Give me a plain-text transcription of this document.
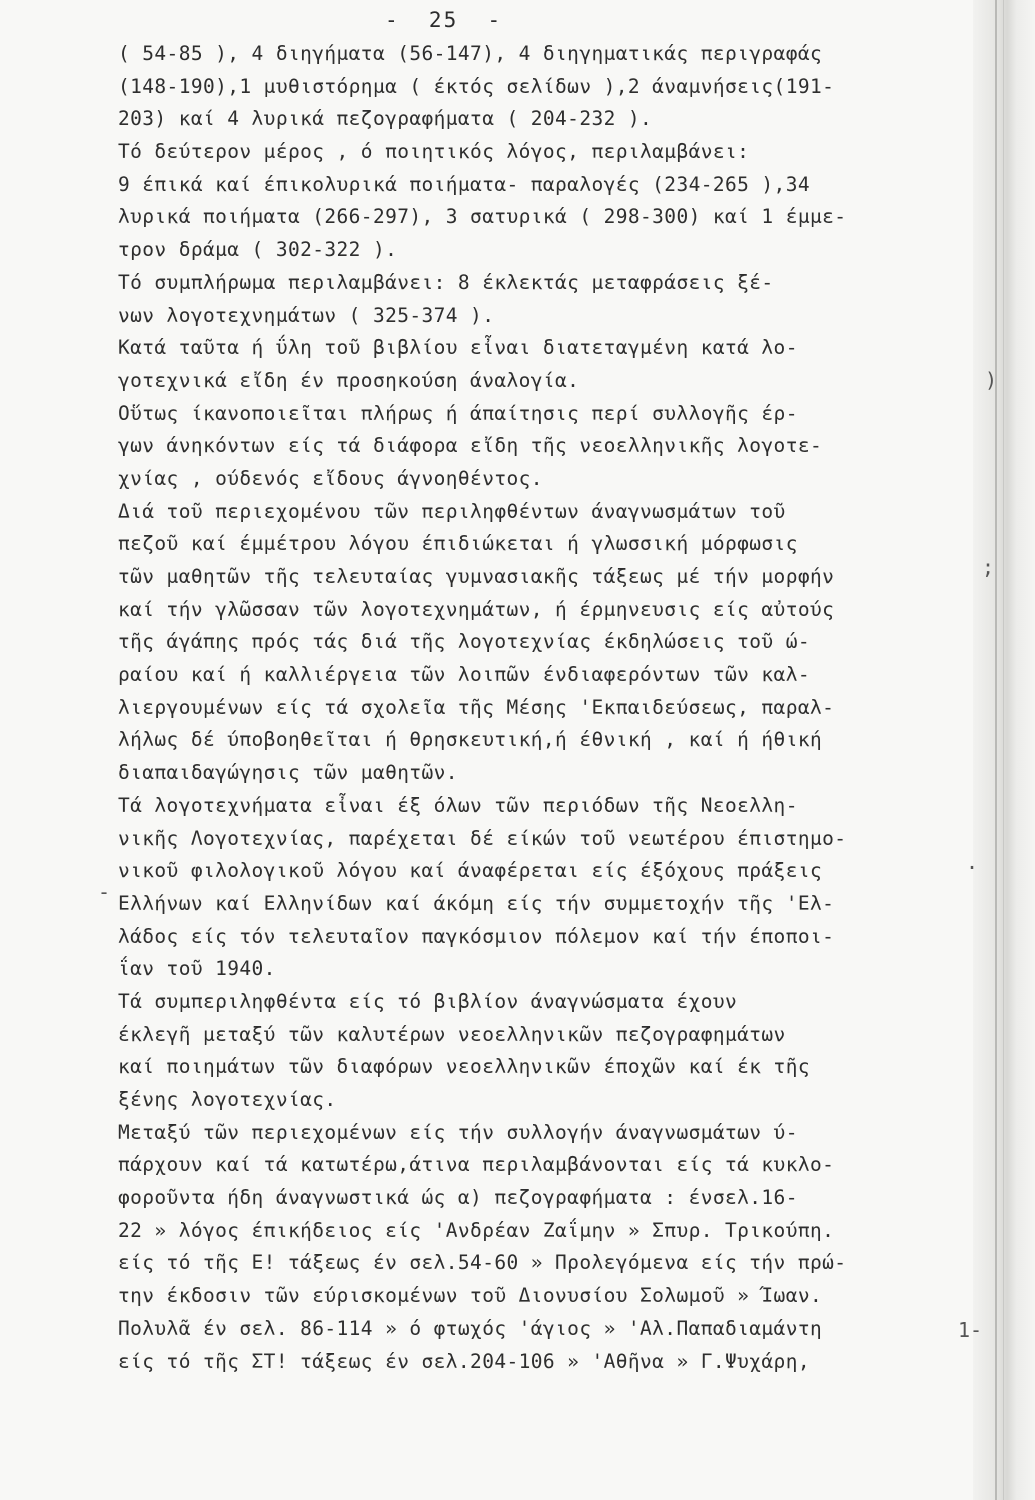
-  25  -
( 54-85 ), 4 διηγήματα (56-147), 4 διηγηματικάς περιγραφάς
(148-190),1 μυθιστόρημα ( έκτός σελίδων ),2 άναμνήσεις(191-
203) καί 4 λυρικά πεζογραφήματα ( 204-232 ).
Τό δεύτερον μέρος , ό ποιητικός λόγος, περιλαμβάνει:
9 έπικά καί έπικολυρικά ποιήματα- παραλογές (234-265 ),34
λυρικά ποιήματα (266-297), 3 σατυρικά ( 298-300) καί 1 έμμε-
τρον δράμα ( 302-322 ).
Τό συμπλήρωμα περιλαμβάνει: 8 έκλεκτάς μεταφράσεις ξέ-
νων λογοτεχνημάτων ( 325-374 ).
Κατά ταῦτα ή ΰλη τοῦ βιβλίου εἶναι διατεταγμένη κατά λο-
γοτεχνικά εἴδη έν προσηκούση άναλογία.
Οὕτως ίκανοποιεῖται πλήρως ή άπαίτησις περί συλλογῆς έρ-
γων άνηκόντων είς τά διάφορα εἴδη τῆς νεοελληνικῆς λογοτε-
χνίας , ούδενός εἴδους άγνοηθέντος.
Διά τοῦ περιεχομένου τῶν περιληφθέντων άναγνωσμάτων τοῦ
πεζοῦ καί έμμέτρου λόγου έπιδιώκεται ή γλωσσική μόρφωσις
τῶν μαθητῶν τῆς τελευταίας γυμνασιακῆς τάξεως μέ τήν μορφήν
καί τήν γλῶσσαν τῶν λογοτεχνημάτων, ή έρμηνευσις είς αὐτούς
τῆς άγάπης πρός τάς διά τῆς λογοτεχνίας έκδηλώσεις τοῦ ώ-
ραίου καί ή καλλιέργεια τῶν λοιπῶν ένδιαφερόντων τῶν καλ-
λιεργουμένων είς τά σχολεῖα τῆς Μέσης 'Εκπαιδεύσεως, παραλ-
λήλως δέ ύποβοηθεῖται ή θρησκευτική,ή έθνική , καί ή ήθική
διαπαιδαγώγησις τῶν μαθητῶν.
Τά λογοτεχνήματα εἶναι έξ όλων τῶν περιόδων τῆς Νεοελλη-
νικῆς Λογοτεχνίας, παρέχεται δέ είκών τοῦ νεωτέρου έπιστημο-
νικοῦ φιλολογικοῦ λόγου καί άναφέρεται είς έξόχους πράξεις
Ελλήνων καί Ελληνίδων καί άκόμη είς τήν συμμετοχήν τῆς 'Ελ-
λάδος είς τόν τελευταῖον παγκόσμιον πόλεμον καί τήν έποποι-
ΐαν τοῦ 1940.
Τά συμπεριληφθέντα είς τό βιβλίον άναγνώσματα έχουν
έκλεγῆ μεταξύ τῶν καλυτέρων νεοελληνικῶν πεζογραφημάτων
καί ποιημάτων τῶν διαφόρων νεοελληνικῶν έποχῶν καί έκ τῆς
ξένης λογοτεχνίας.
Μεταξύ τῶν περιεχομένων είς τήν συλλογήν άναγνωσμάτων ύ-
πάρχουν καί τά κατωτέρω,άτινα περιλαμβάνονται είς τά κυκλο-
φοροῦντα ήδη άναγνωστικά ώς α) πεζογραφήματα : ένσελ.16-
22 » λόγος έπικήδειος είς 'Ανδρέαν Ζαΐμην » Σπυρ. Τρικούπη.
είς τό τῆς Ε! τάξεως έν σελ.54-60 » Προλεγόμενα είς τήν πρώ-
την έκδοσιν τῶν εύρισκομένων τοῦ Διονυσίου Σολωμοῦ » Ίωαν.
Πολυλᾶ έν σελ. 86-114 » ό φτωχός 'άγιος » 'Αλ.Παπαδιαμάντη
είς τό τῆς ΣΤ! τάξεως έν σελ.204-106 » 'Αθῆνα » Γ.Ψυχάρη,
)
;
.
-
1-
